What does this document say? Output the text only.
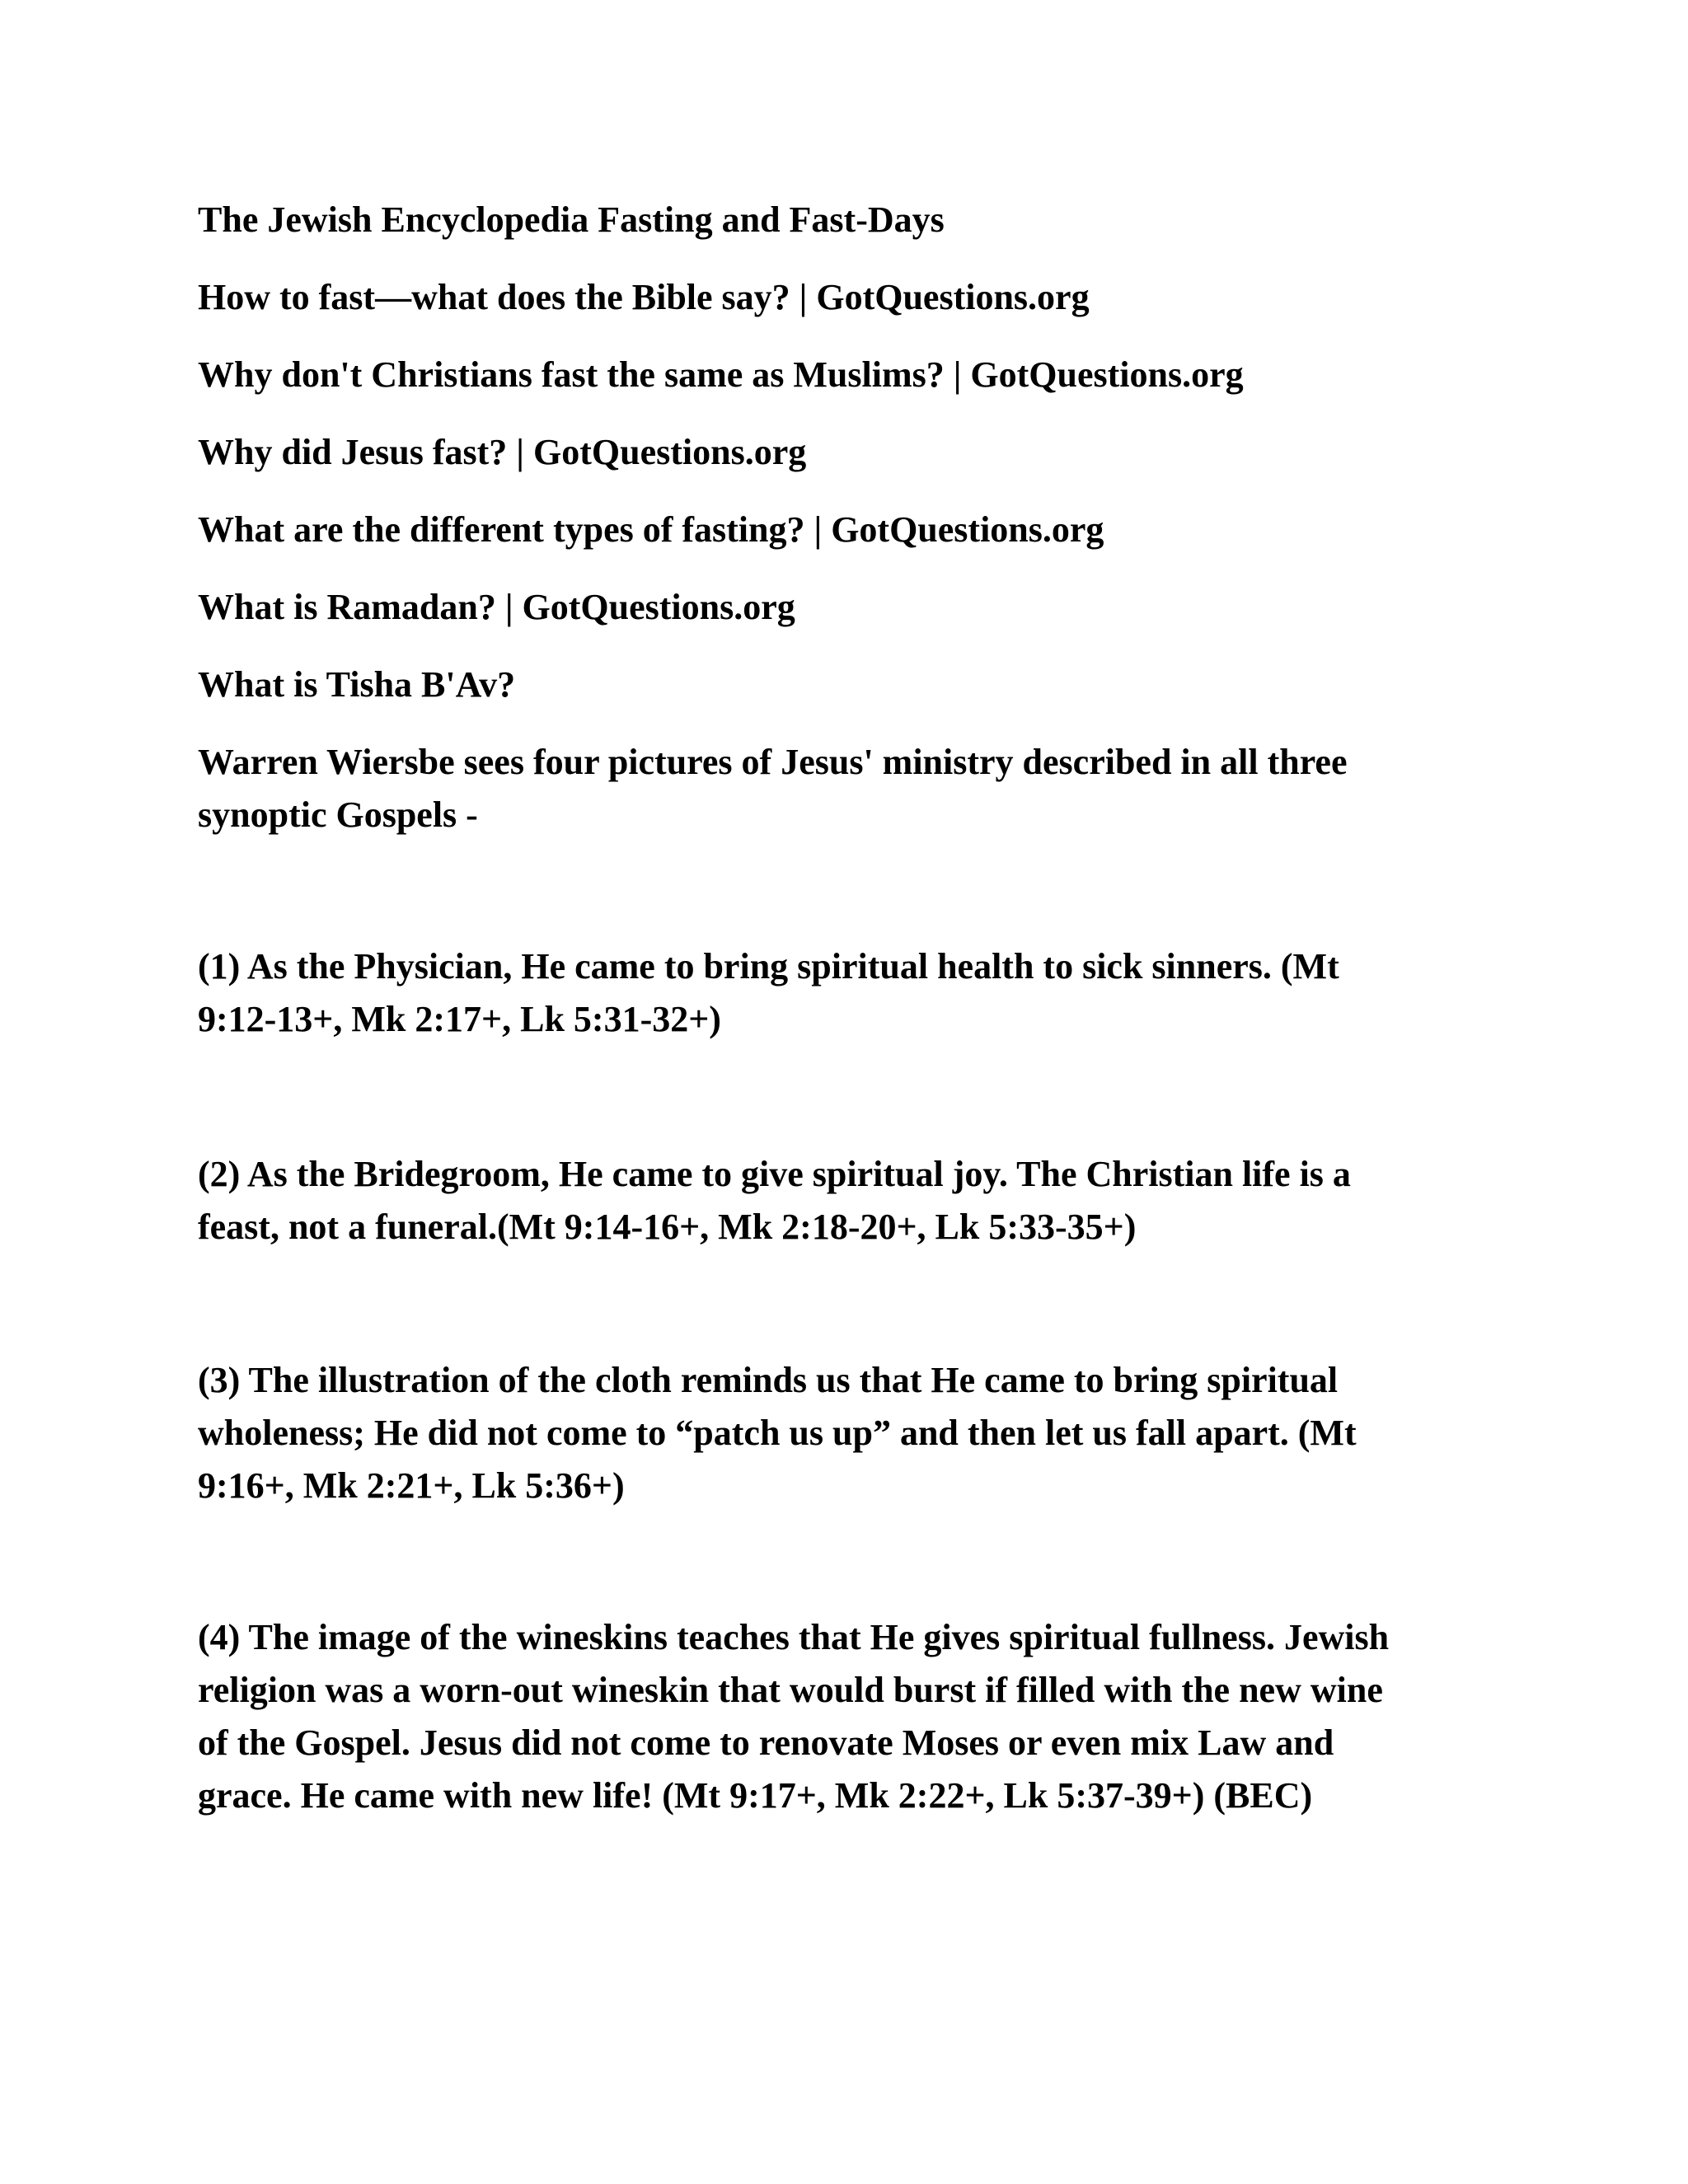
The Jewish Encyclopedia Fasting and Fast-Days

How to fast—what does the Bible say? | GotQuestions.org

Why don't Christians fast the same as Muslims? | GotQuestions.org

Why did Jesus fast? | GotQuestions.org

What are the different types of fasting? | GotQuestions.org

What is Ramadan? | GotQuestions.org

What is Tisha B'Av?

Warren Wiersbe sees four pictures of Jesus' ministry described in all three
synoptic Gospels -
(1) As the Physician, He came to bring spiritual health to sick sinners. (Mt
9:12-13+, Mk 2:17+, Lk 5:31-32+)
(2) As the Bridegroom, He came to give spiritual joy. The Christian life is a
feast, not a funeral.(Mt 9:14-16+, Mk 2:18-20+, Lk 5:33-35+)
(3) The illustration of the cloth reminds us that He came to bring spiritual
wholeness; He did not come to “patch us up” and then let us fall apart. (Mt
9:16+, Mk 2:21+, Lk 5:36+)
(4) The image of the wineskins teaches that He gives spiritual fullness. Jewish
religion was a worn-out wineskin that would burst if filled with the new wine
of the Gospel. Jesus did not come to renovate Moses or even mix Law and
grace. He came with new life! (Mt 9:17+, Mk 2:22+, Lk 5:37-39+) (BEC)
